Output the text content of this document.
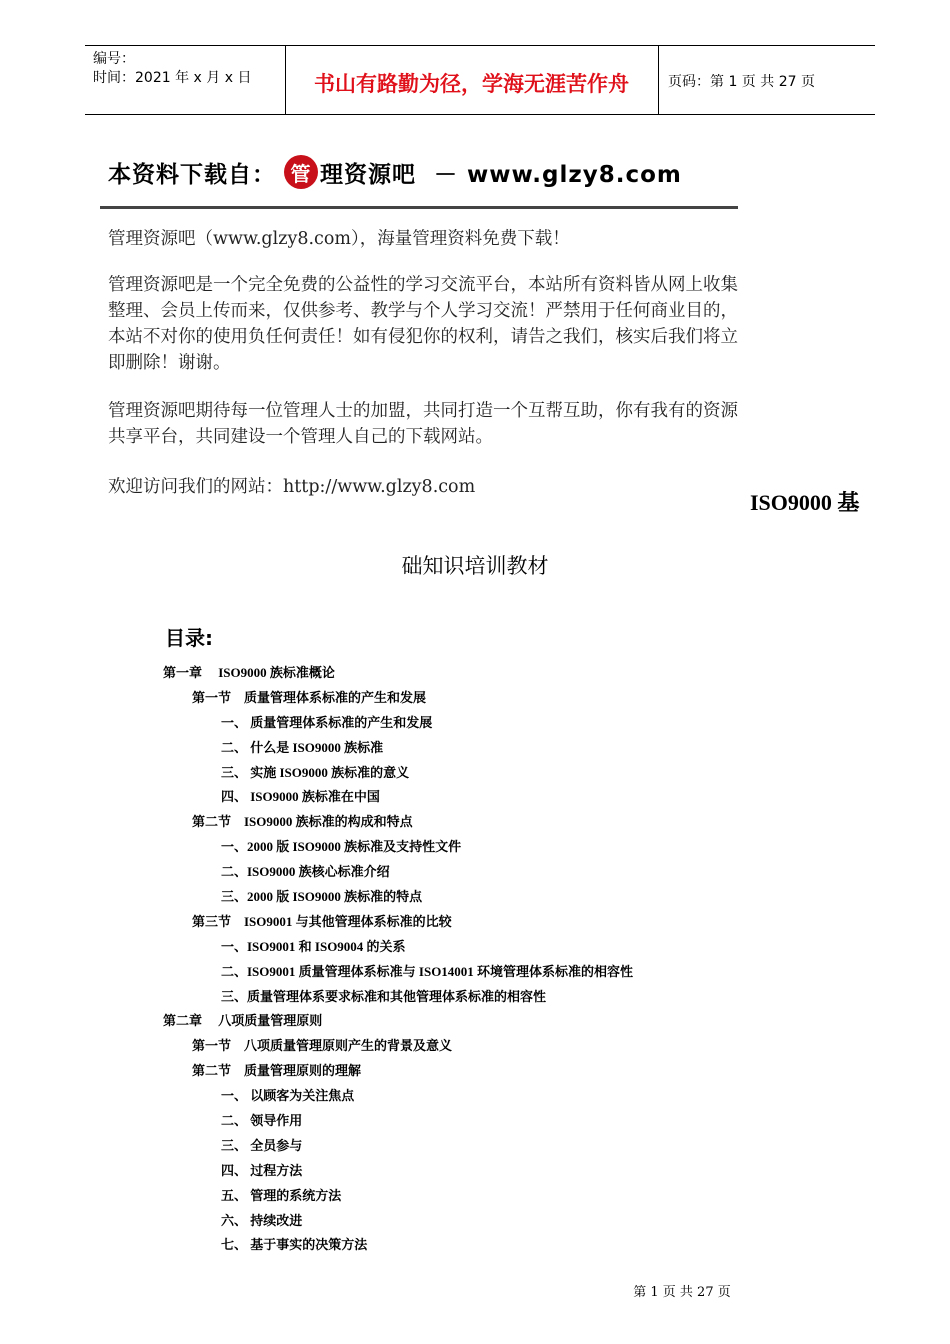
编号：
时间：2021 年 x 月 x 日	书山有路勤为径，学海无涯苦作舟	页码：第 1 页 共 27 页
本资料下载自： 管 理资源吧 － www.glzy8.com
管理资源吧（www.glzy8.com），海量管理资料免费下载！
管理资源吧是一个完全免费的公益性的学习交流平台，本站所有资料皆从网上收集整理、会员上传而来，仅供参考、教学与个人学习交流！严禁用于任何商业目的，本站不对你的使用负任何责任！如有侵犯你的权利，请告之我们，核实后我们将立即删除！谢谢。
管理资源吧期待每一位管理人士的加盟，共同打造一个互帮互助，你有我有的资源共享平台，共同建设一个管理人自己的下载网站。
欢迎访问我们的网站：http://www.glzy8.com
ISO9000 基
础知识培训教材
目录:
第一章　 ISO9000 族标准概论
第一节　质量管理体系标准的产生和发展
一、 质量管理体系标准的产生和发展
二、 什么是 ISO9000 族标准
三、 实施 ISO9000 族标准的意义
四、 ISO9000 族标准在中国
第二节　ISO9000 族标准的构成和特点
一、2000 版 ISO9000 族标准及支持性文件
二、ISO9000 族核心标准介绍
三、2000 版 ISO9000 族标准的特点
第三节　ISO9001 与其他管理体系标准的比较
一、ISO9001 和 ISO9004 的关系
二、ISO9001 质量管理体系标准与 ISO14001 环境管理体系标准的相容性
三、质量管理体系要求标准和其他管理体系标准的相容性
第二章　 八项质量管理原则
第一节　八项质量管理原则产生的背景及意义
第二节　质量管理原则的理解
一、 以顾客为关注焦点
二、 领导作用
三、 全员参与
四、 过程方法
五、 管理的系统方法
六、 持续改进
七、 基于事实的决策方法
第 1 页 共 27 页
